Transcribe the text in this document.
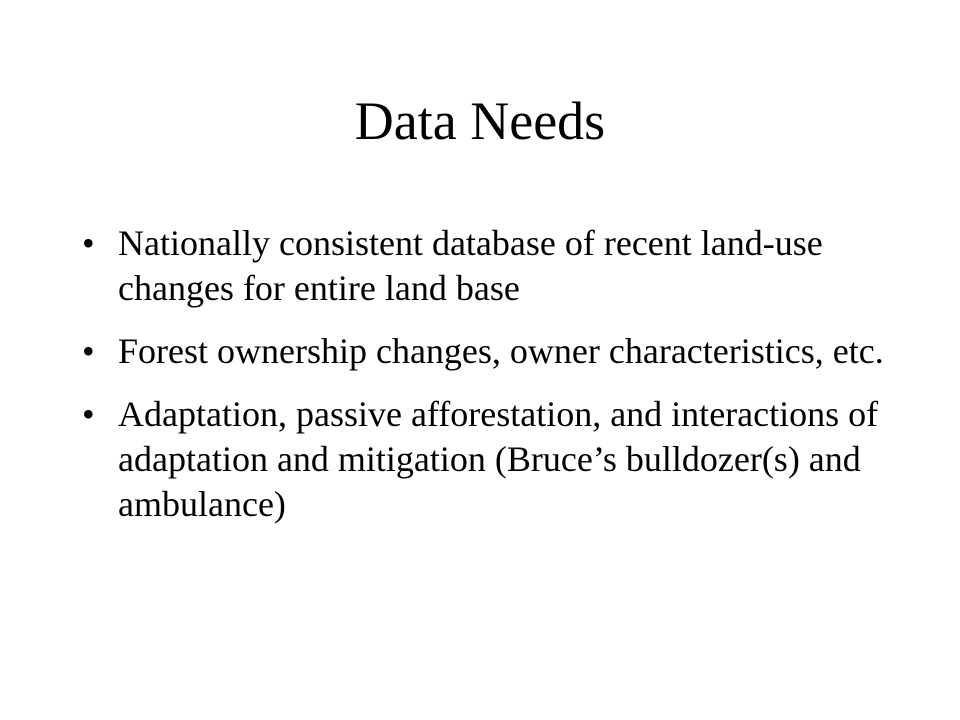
Data Needs
• Nationally consistent database of recent land-use changes for entire land base
• Forest ownership changes, owner characteristics, etc.
• Adaptation, passive afforestation, and interactions of adaptation and mitigation (Bruce’s bulldozer(s) and ambulance)
